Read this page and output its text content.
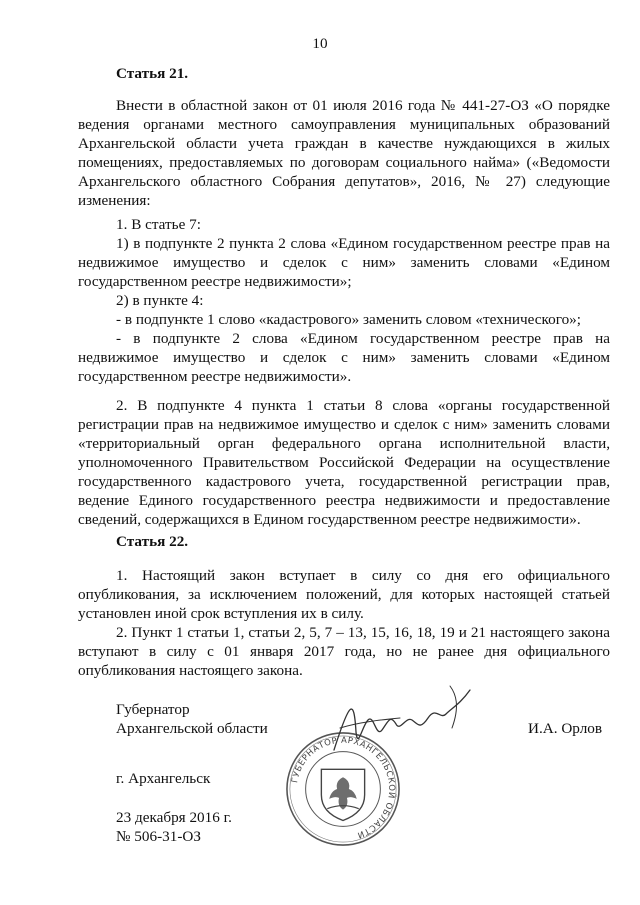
10
Статья 21.
Внести в областной закон от 01 июля 2016 года № 441-27-ОЗ «О порядке ведения органами местного самоуправления муниципальных образований Архангельской области учета граждан в качестве нуждающихся в жилых помещениях, предоставляемых по договорам социального найма» («Ведомости Архангельского областного Собрания депутатов», 2016, № 27) следующие изменения:
1. В статье 7:
1) в подпункте 2 пункта 2 слова «Едином государственном реестре прав на недвижимое имущество и сделок с ним» заменить словами «Едином государственном реестре недвижимости»;
2) в пункте 4:
- в подпункте 1 слово «кадастрового» заменить словом «технического»;
- в подпункте 2 слова «Едином государственном реестре прав на недвижимое имущество и сделок с ним» заменить словами «Едином государственном реестре недвижимости».
2. В подпункте 4 пункта 1 статьи 8 слова «органы государственной регистрации прав на недвижимое имущество и сделок с ним» заменить словами «территориальный орган федерального органа исполнительной власти, уполномоченного Правительством Российской Федерации на осуществление государственного кадастрового учета, государственной регистрации прав, ведение Единого государственного реестра недвижимости и предоставление сведений, содержащихся в Едином государственном реестре недвижимости».
Статья 22.
1. Настоящий закон вступает в силу со дня его официального опубликования, за исключением положений, для которых настоящей статьей установлен иной срок вступления их в силу.
2. Пункт 1 статьи 1, статьи 2, 5, 7 – 13, 15, 16, 18, 19 и 21 настоящего закона вступают в силу с 01 января 2017 года, но не ранее дня официального опубликования настоящего закона.
Губернатор
Архангельской области	И.А. Орлов
г. Архангельск
23 декабря 2016 г.
№ 506-31-ОЗ
ГУБЕРНАТОР АРХАНГЕЛЬСКОЙ ОБЛАСТИ
